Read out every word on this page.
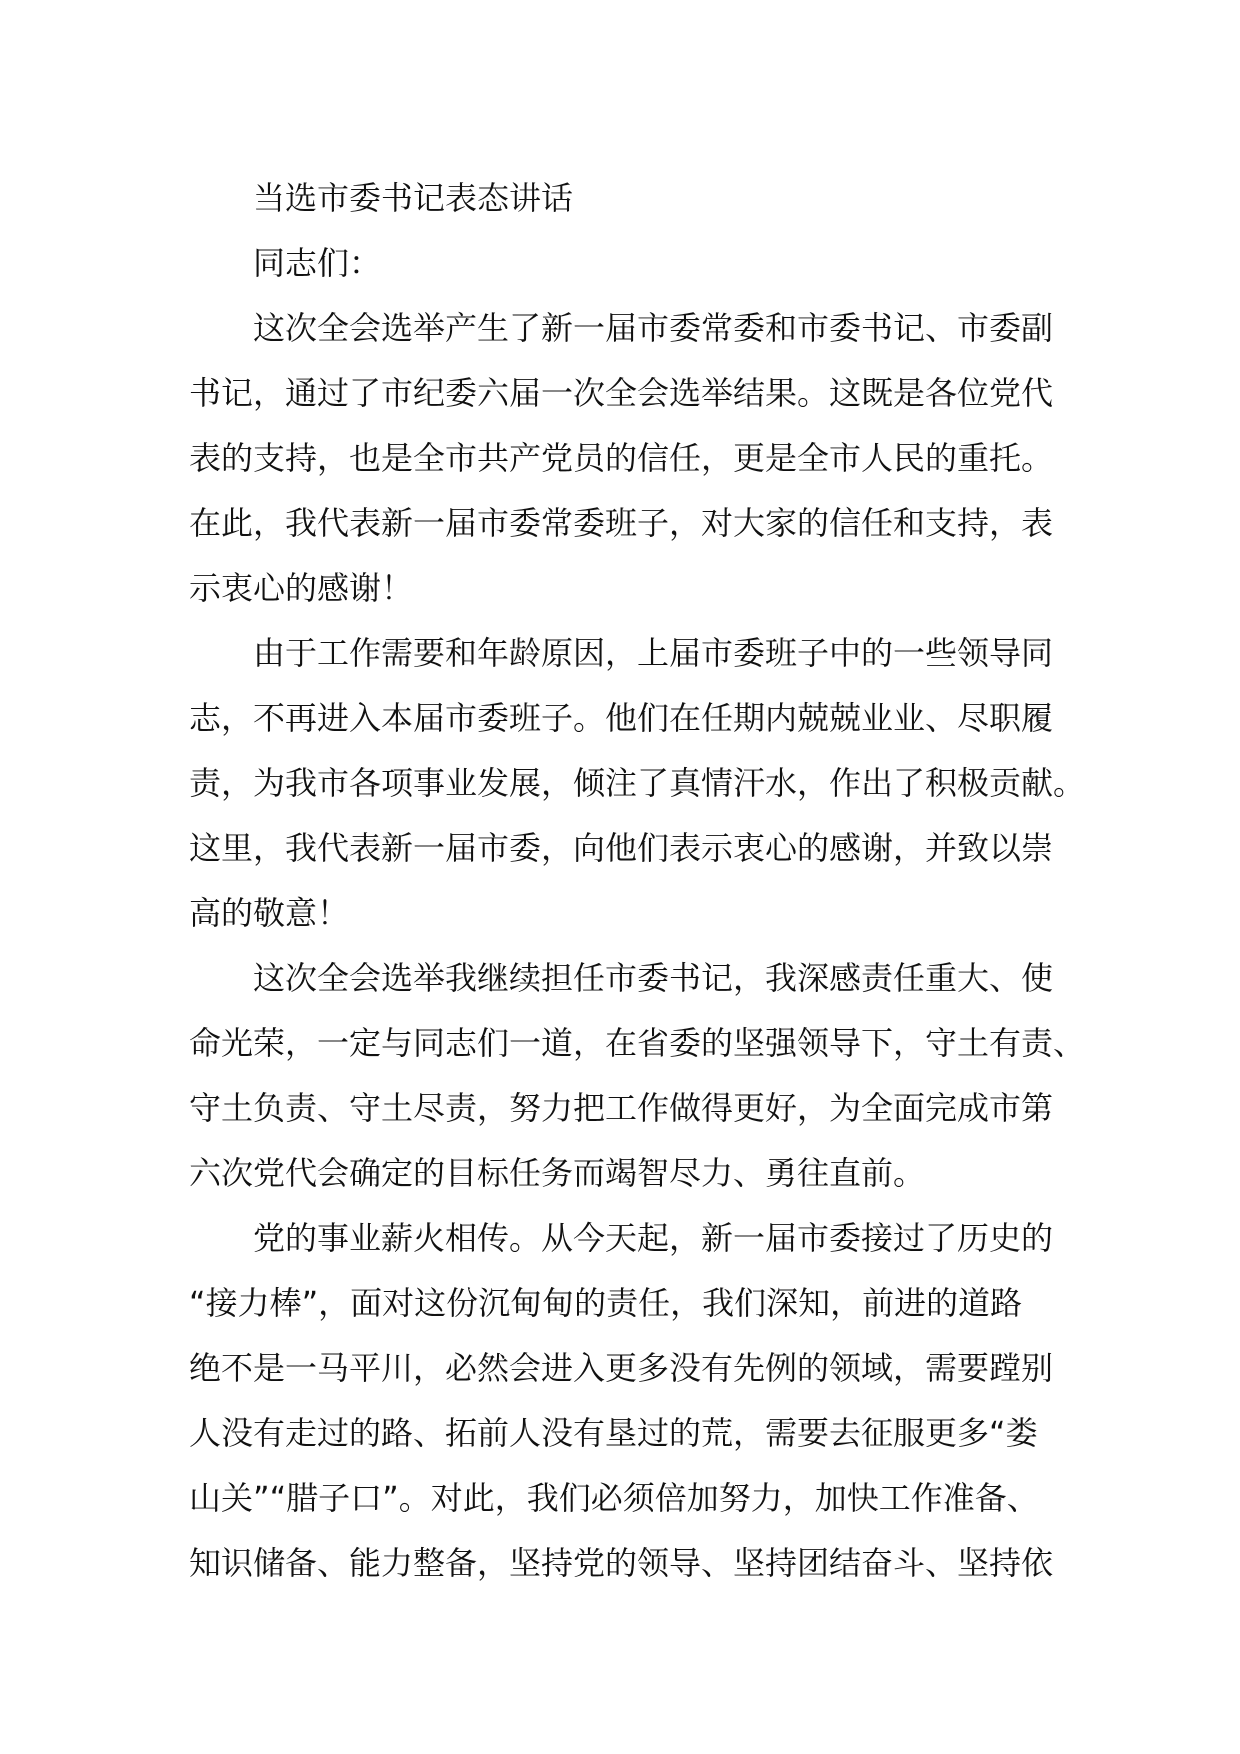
当选市委书记表态讲话
同志们：
这次全会选举产生了新一届市委常委和市委书记、市委副
书记，通过了市纪委六届一次全会选举结果。这既是各位党代
表的支持，也是全市共产党员的信任，更是全市人民的重托。
在此，我代表新一届市委常委班子，对大家的信任和支持，表
示衷心的感谢！
由于工作需要和年龄原因，上届市委班子中的一些领导同
志，不再进入本届市委班子。他们在任期内兢兢业业、尽职履
责，为我市各项事业发展，倾注了真情汗水，作出了积极贡献。
这里，我代表新一届市委，向他们表示衷心的感谢，并致以崇
高的敬意！
这次全会选举我继续担任市委书记，我深感责任重大、使
命光荣，一定与同志们一道，在省委的坚强领导下，守土有责、
守土负责、守土尽责，努力把工作做得更好，为全面完成市第
六次党代会确定的目标任务而竭智尽力、勇往直前。
党的事业薪火相传。从今天起，新一届市委接过了历史的
“接力棒”，面对这份沉甸甸的责任，我们深知，前进的道路
绝不是一马平川，必然会进入更多没有先例的领域，需要蹚别
人没有走过的路、拓前人没有垦过的荒，需要去征服更多“娄
山关”“腊子口”。对此，我们必须倍加努力，加快工作准备、
知识储备、能力整备，坚持党的领导、坚持团结奋斗、坚持依
